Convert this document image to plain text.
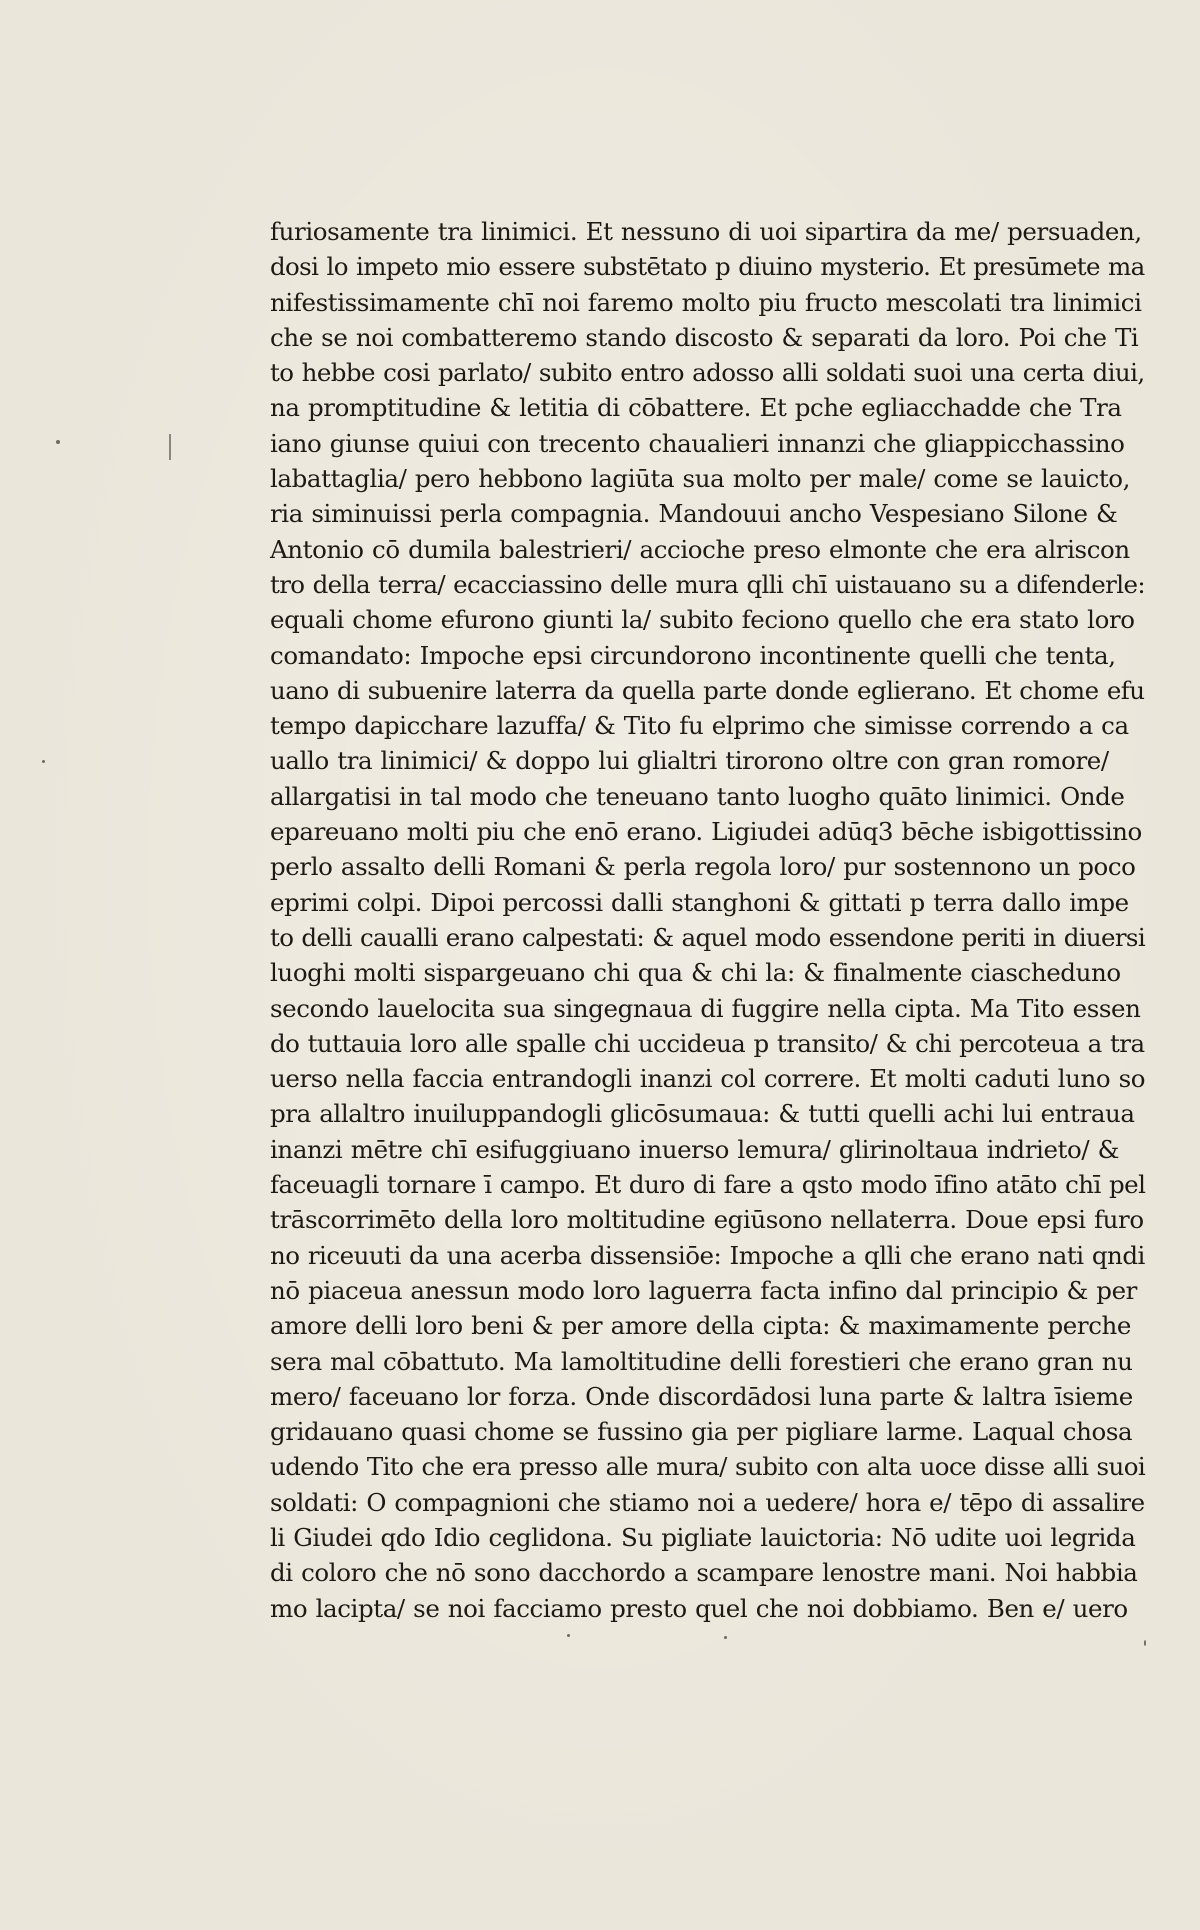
furiosamente tra linimici. Et nessuno di uoi sipartira da me/ persuaden,
dosi lo impeto mio essere substētato p diuino mysterio. Et presūmete ma
nifestissimamente chī noi faremo molto piu fructo mescolati tra linimici
che se noi combatteremo stando discosto & separati da loro. Poi che Ti
to hebbe cosi parlato/ subito entro adosso alli soldati suoi una certa diui,
na promptitudine & letitia di cōbattere. Et pche egliacchadde che Tra
iano giunse quiui con trecento chaualieri innanzi che gliappicchassino
labattaglia/ pero hebbono lagiūta sua molto per male/ come se lauicto,
ria siminuissi perla compagnia. Mandouui ancho Vespesiano Silone &
Antonio cō dumila balestrieri/ accioche preso elmonte che era alriscon
tro della terra/ ecacciassino delle mura qlli chī uistauano su a difenderle:
equali chome efurono giunti la/ subito feciono quello che era stato loro
comandato: Impoche epsi circundorono incontinente quelli che tenta,
uano di subuenire laterra da quella parte donde eglierano. Et chome efu
tempo dapicchare lazuffa/ & Tito fu elprimo che simisse correndo a ca
uallo tra linimici/ & doppo lui glialtri tirorono oltre con gran romore/
allargatisi in tal modo che teneuano tanto luogho quāto linimici. Onde
epareuano molti piu che enō erano. Ligiudei adūq3 bēche isbigottissino
perlo assalto delli Romani & perla regola loro/ pur sostennono un poco
eprimi colpi. Dipoi percossi dalli stanghoni & gittati p terra dallo impe
to delli caualli erano calpestati: & aquel modo essendone periti in diuersi
luoghi molti sispargeuano chi qua & chi la: & finalmente ciascheduno
secondo lauelocita sua singegnaua di fuggire nella cipta. Ma Tito essen
do tuttauia loro alle spalle chi uccideua p transito/ & chi percoteua a tra
uerso nella faccia entrandogli inanzi col correre. Et molti caduti luno so
pra allaltro inuiluppandogli glicōsumaua: & tutti quelli achi lui entraua
inanzi mētre chī esifuggiuano inuerso lemura/ glirinoltaua indrieto/ &
faceuagli tornare ī campo. Et duro di fare a qsto modo īfino atāto chī pel
trāscorrimēto della loro moltitudine egiūsono nellaterra. Doue epsi furo
no riceuuti da una acerba dissensiōe: Impoche a qlli che erano nati qndi
nō piaceua anessun modo loro laguerra facta infino dal principio & per
amore delli loro beni & per amore della cipta: & maximamente perche
sera mal cōbattuto. Ma lamoltitudine delli forestieri che erano gran nu
mero/ faceuano lor forza. Onde discordādosi luna parte & laltra īsieme
gridauano quasi chome se fussino gia per pigliare larme. Laqual chosa
udendo Tito che era presso alle mura/ subito con alta uoce disse alli suoi
soldati: O compagnioni che stiamo noi a uedere/ hora e/ tēpo di assalire
li Giudei qdo Idio ceglidona. Su pigliate lauictoria: Nō udite uoi legrida
di coloro che nō sono dacchordo a scampare lenostre mani. Noi habbia
mo lacipta/ se noi facciamo presto quel che noi dobbiamo. Ben e/ uero
